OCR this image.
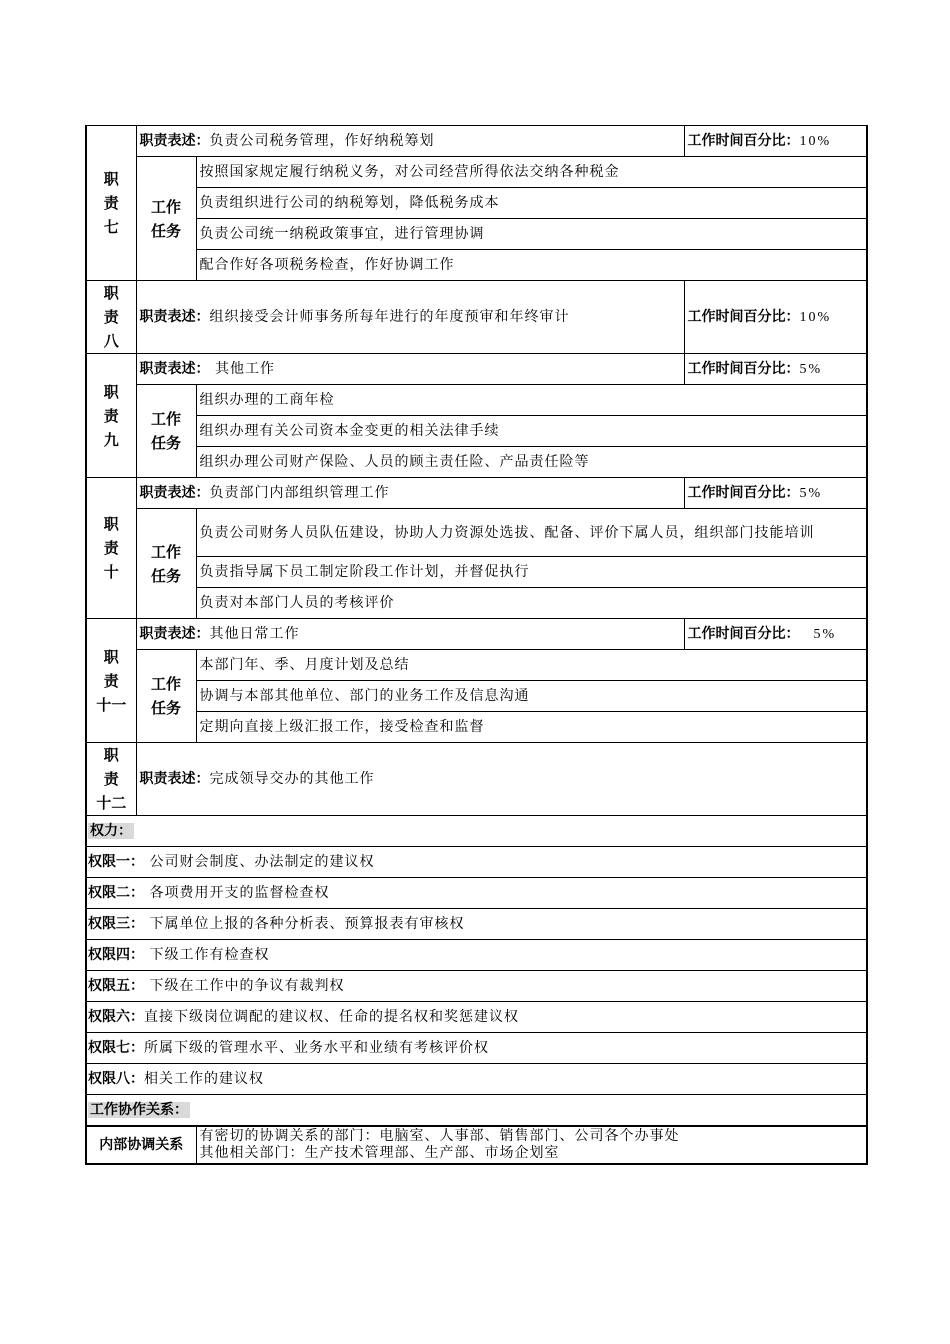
职
责
七	职责表述：负责公司税务管理，作好纳税筹划		工作时间百分比：10%
	工作
任务	按照国家规定履行纳税义务，对公司经营所得依法交纳各种税金	
		负责组织进行公司的纳税筹划，降低税务成本	
		负责公司统一纳税政策事宜，进行管理协调	
		配合作好各项税务检查，作好协调工作	

职
责
八	职责表述：组织接受会计师事务所每年进行的年度预审和年终审计		工作时间百分比：10%

职
责
九	职责表述： 其他工作		工作时间百分比：5%
	工作
任务	组织办理的工商年检	
		组织办理有关公司资本金变更的相关法律手续	
		组织办理公司财产保险、人员的顾主责任险、产品责任险等	

职
责
十	职责表述：负责部门内部组织管理工作		工作时间百分比：5%
	工作
任务	负责公司财务人员队伍建设，协助人力资源处选拔、配备、评价下属人员，组织部门技能培训	
		负责指导属下员工制定阶段工作计划，并督促执行	
		负责对本部门人员的考核评价	

职
责
十一	职责表述：其他日常工作		工作时间百分比： 5%
	工作
任务	本部门年、季、月度计划及总结	
		协调与本部其他单位、部门的业务工作及信息沟通	
		定期向直接上级汇报工作，接受检查和监督	

职
责
十二	职责表述：完成领导交办的其他工作		
权力：			
权限一： 公司财会制度、办法制定的建议权			
权限二： 各项费用开支的监督检查权			
权限三： 下属单位上报的各种分析表、预算报表有审核权			
权限四： 下级工作有检查权			
权限五： 下级在工作中的争议有裁判权			
权限六：直接下级岗位调配的建议权、任命的提名权和奖惩建议权			
权限七：所属下级的管理水平、业务水平和业绩有考核评价权			
权限八：相关工作的建议权			
工作协作关系：			
内部协调关系		有密切的协调关系的部门：电脑室、人事部、销售部门、公司各个办事处
其他相关部门：生产技术管理部、生产部、市场企划室	
